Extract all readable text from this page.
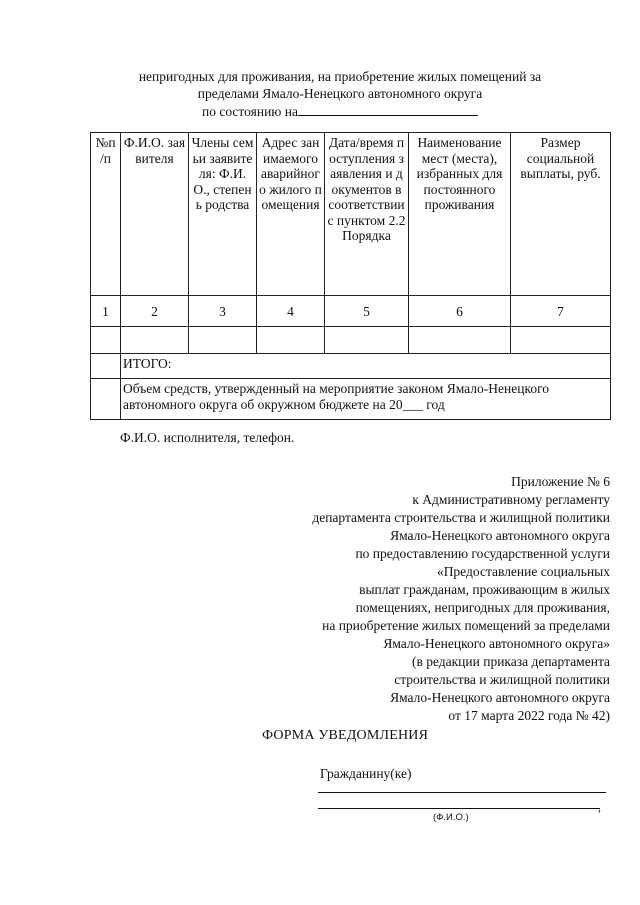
непригодных для проживания, на приобретение жилых помещений за
пределами Ямало-Ненецкого автономного округа
по состоянию на
№п /п	Ф.И.О. заявителя	Члены семьи заявителя: Ф.И.О., степень родства	Адрес занимаемого аварийного жилого помещения	Дата/время поступления заявления и документов в соответствии с пунктом 2.2 Порядка	Наименование мест (места), избранных для постоянного проживания	Размер социальной выплаты, руб.
1	2	3	4	5	6	7

	ИТОГО:					
	Объем средств, утвержденный на мероприятие законом Ямало-Ненецкого автономного округа об окружном бюджете на 20___ год					
Ф.И.О. исполнителя, телефон.
Приложение № 6
к Административному регламенту
департамента строительства и жилищной политики
Ямало-Ненецкого автономного округа
по предоставлению государственной услуги
«Предоставление социальных
выплат гражданам, проживающим в жилых
помещениях, непригодных для проживания,
на приобретение жилых помещений за пределами
Ямало-Ненецкого автономного округа»
(в редакции приказа департамента
строительства и жилищной политики
Ямало-Ненецкого автономного округа
от 17 марта 2022 года № 42)
ФОРМА УВЕДОМЛЕНИЯ
Гражданину(ке)
,
(Ф.И.О.)
